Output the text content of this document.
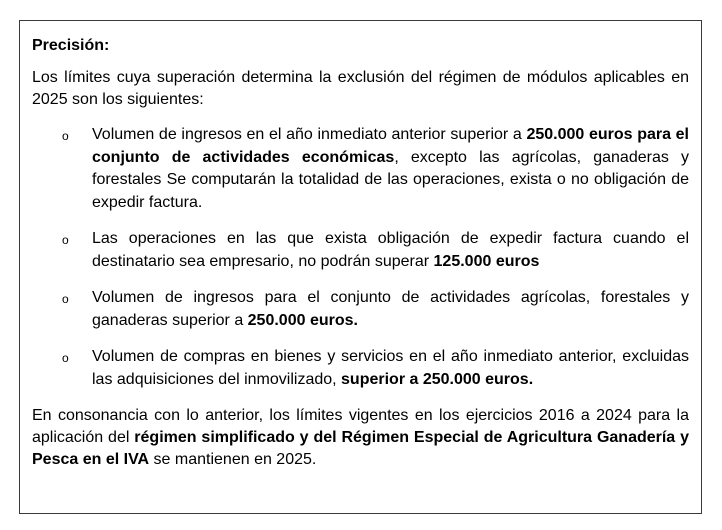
Precisión:

Los límites cuya superación determina la exclusión del régimen de módulos aplicables en 2025 son los siguientes:

o Volumen de ingresos en el año inmediato anterior superior a 250.000 euros para el conjunto de actividades económicas, excepto las agrícolas, ganaderas y forestales Se computarán la totalidad de las operaciones, exista o no obligación de expedir factura.
o Las operaciones en las que exista obligación de expedir factura cuando el destinatario sea empresario, no podrán superar 125.000 euros
o Volumen de ingresos para el conjunto de actividades agrícolas, forestales y ganaderas superior a 250.000 euros.
o Volumen de compras en bienes y servicios en el año inmediato anterior, excluidas las adquisiciones del inmovilizado, superior a 250.000 euros.

En consonancia con lo anterior, los límites vigentes en los ejercicios 2016 a 2024 para la aplicación del régimen simplificado y del Régimen Especial de Agricultura Ganadería y Pesca en el IVA se mantienen en 2025.
